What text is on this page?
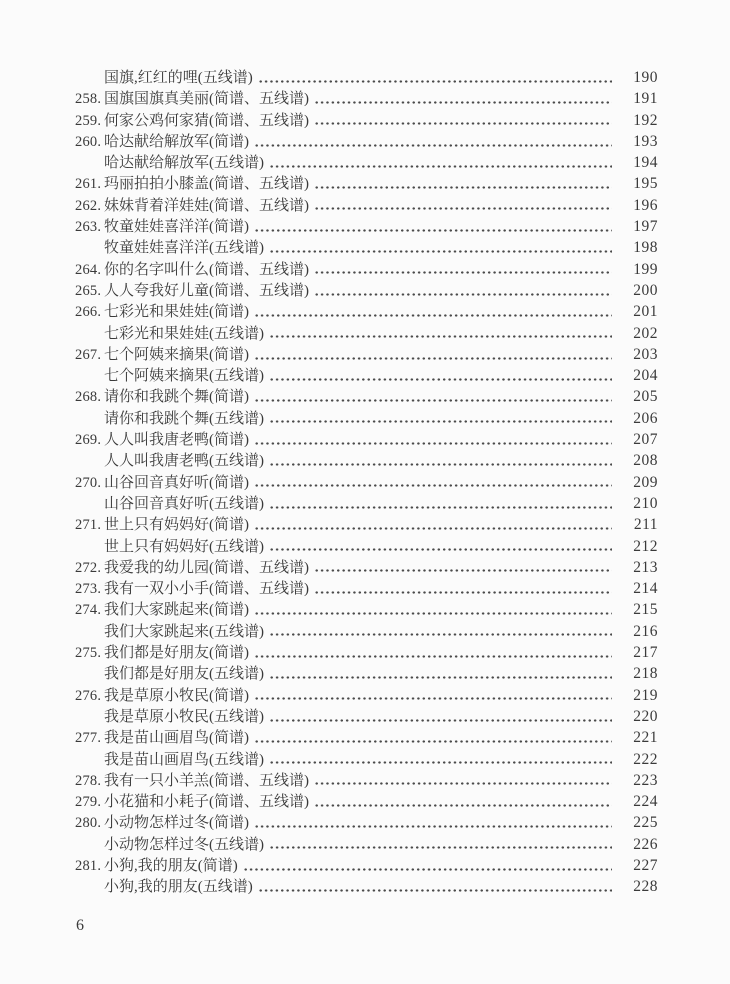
国旗,红红的哩(五线谱)	190
258. 国旗国旗真美丽(简谱、五线谱)	191
259. 何家公鸡何家猜(简谱、五线谱)	192
260. 哈达献给解放军(简谱)	193
哈达献给解放军(五线谱)	194
261. 玛丽拍拍小膝盖(简谱、五线谱)	195
262. 妹妹背着洋娃娃(简谱、五线谱)	196
263. 牧童娃娃喜洋洋(简谱)	197
牧童娃娃喜洋洋(五线谱)	198
264. 你的名字叫什么(简谱、五线谱)	199
265. 人人夸我好儿童(简谱、五线谱)	200
266. 七彩光和果娃娃(简谱)	201
七彩光和果娃娃(五线谱)	202
267. 七个阿姨来摘果(简谱)	203
七个阿姨来摘果(五线谱)	204
268. 请你和我跳个舞(简谱)	205
请你和我跳个舞(五线谱)	206
269. 人人叫我唐老鸭(简谱)	207
人人叫我唐老鸭(五线谱)	208
270. 山谷回音真好听(简谱)	209
山谷回音真好听(五线谱)	210
271. 世上只有妈妈好(简谱)	211
世上只有妈妈好(五线谱)	212
272. 我爱我的幼儿园(简谱、五线谱)	213
273. 我有一双小小手(简谱、五线谱)	214
274. 我们大家跳起来(简谱)	215
我们大家跳起来(五线谱)	216
275. 我们都是好朋友(简谱)	217
我们都是好朋友(五线谱)	218
276. 我是草原小牧民(简谱)	219
我是草原小牧民(五线谱)	220
277. 我是苗山画眉鸟(简谱)	221
我是苗山画眉鸟(五线谱)	222
278. 我有一只小羊羔(简谱、五线谱)	223
279. 小花猫和小耗子(简谱、五线谱)	224
280. 小动物怎样过冬(简谱)	225
小动物怎样过冬(五线谱)	226
281. 小狗,我的朋友(简谱)	227
小狗,我的朋友(五线谱)	228
6
